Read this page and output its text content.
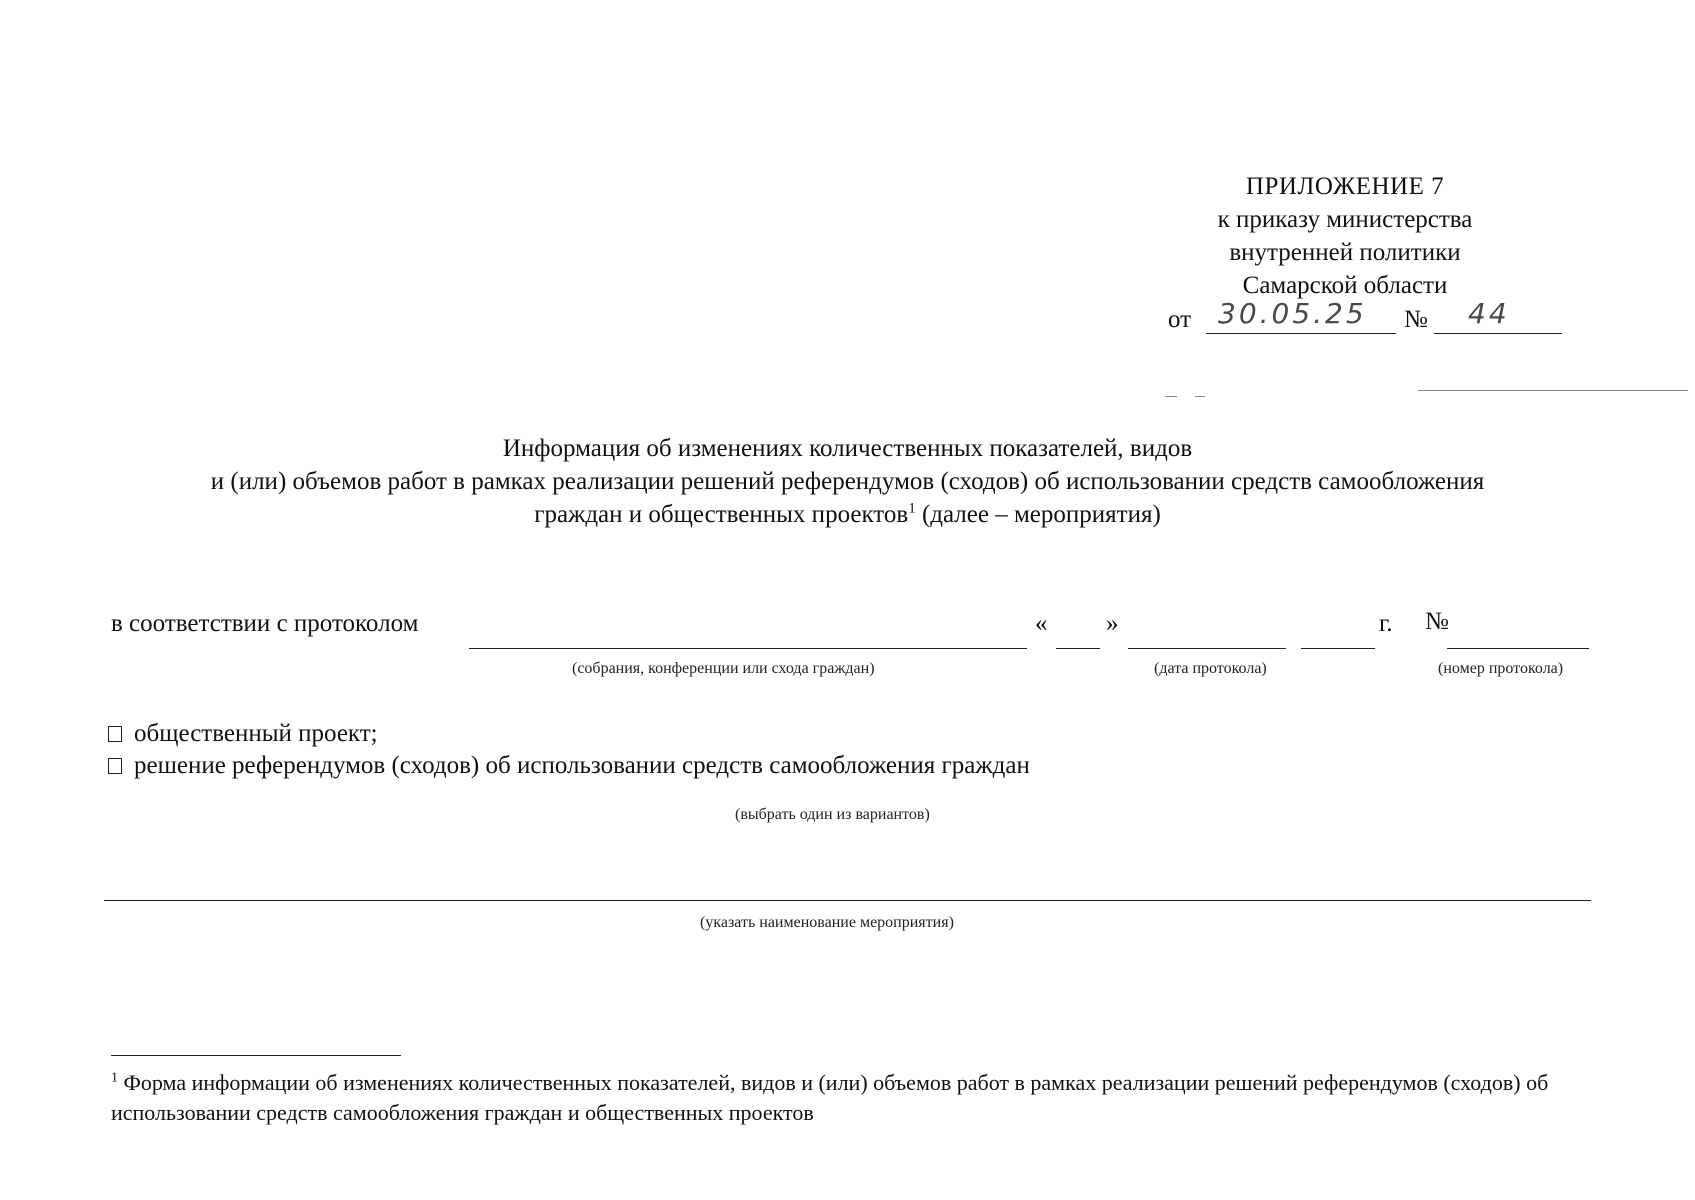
ПРИЛОЖЕНИЕ 7
к приказу министерства
внутренней политики
Самарской области
от 30.05.25 № 44
Информация об изменениях количественных показателей, видов
и (или) объемов работ в рамках реализации решений референдумов (сходов) об использовании средств самообложения
граждан и общественных проектов$^1$ (далее – мероприятия)
в соответствии с протоколом
(собрания, конференции или схода граждан)
« »	г.
(дата протокола)
№
(номер протокола)
общественный проект;
решение референдумов (сходов) об использовании средств самообложения граждан
(выбрать один из вариантов)
(указать наименование мероприятия)
$^1$ Форма информации об изменениях количественных показателей, видов и (или) объемов работ в рамках реализации решений референдумов (сходов) об использовании средств самообложения граждан и общественных проектов
